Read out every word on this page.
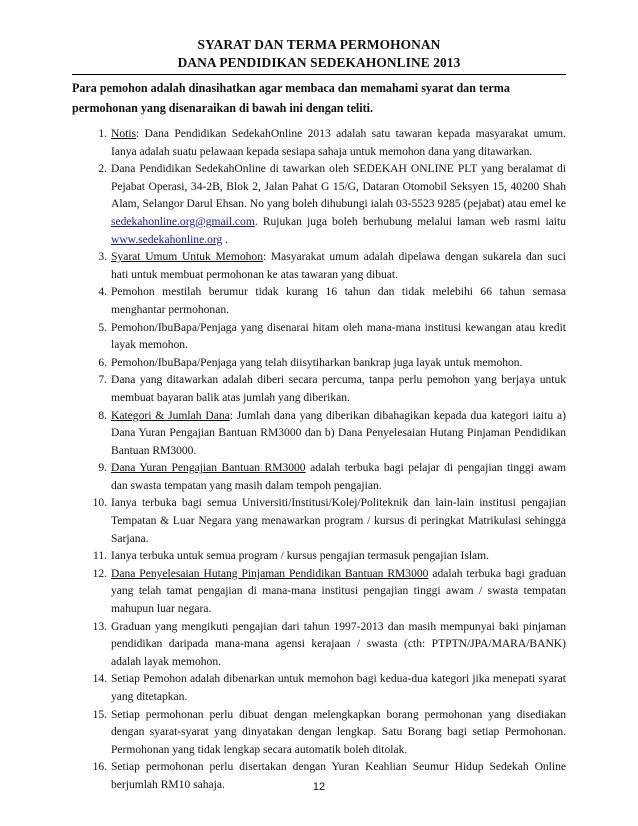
SYARAT DAN TERMA PERMOHONAN
DANA PENDIDIKAN SEDEKAHONLINE 2013
Para pemohon adalah dinasihatkan agar membaca dan memahami syarat dan terma permohonan yang disenaraikan di bawah ini dengan teliti.
1. Notis: Dana Pendidikan SedekahOnline 2013 adalah satu tawaran kepada masyarakat umum. Ianya adalah suatu pelawaan kepada sesiapa sahaja untuk memohon dana yang ditawarkan.
2. Dana Pendidikan SedekahOnline di tawarkan oleh SEDEKAH ONLINE PLT yang beralamat di Pejabat Operasi, 34-2B, Blok 2, Jalan Pahat G 15/G, Dataran Otomobil Seksyen 15, 40200 Shah Alam, Selangor Darul Ehsan. No yang boleh dihubungi ialah 03-5523 9285 (pejabat) atau emel ke sedekahonline.org@gmail.com. Rujukan juga boleh berhubung melalui laman web rasmi iaitu www.sedekahonline.org .
3. Syarat Umum Untuk Memohon: Masyarakat umum adalah dipelawa dengan sukarela dan suci hati untuk membuat permohonan ke atas tawaran yang dibuat.
4. Pemohon mestilah berumur tidak kurang 16 tahun dan tidak melebihi 66 tahun semasa menghantar permohonan.
5. Pemohon/IbuBapa/Penjaga yang disenarai hitam oleh mana-mana institusi kewangan atau kredit layak memohon.
6. Pemohon/IbuBapa/Penjaga yang telah diisytiharkan bankrap juga layak untuk memohon.
7. Dana yang ditawarkan adalah diberi secara percuma, tanpa perlu pemohon yang berjaya untuk membuat bayaran balik atas jumlah yang diberikan.
8. Kategori & Jumlah Dana: Jumlah dana yang diberikan dibahagikan kepada dua kategori iaitu a) Dana Yuran Pengajian Bantuan RM3000 dan b) Dana Penyelesaian Hutang Pinjaman Pendidikan Bantuan RM3000.
9. Dana Yuran Pengajian Bantuan RM3000 adalah terbuka bagi pelajar di pengajian tinggi awam dan swasta tempatan yang masih dalam tempoh pengajian.
10. Ianya terbuka bagi semua Universiti/Institusi/Kolej/Politeknik dan lain-lain institusi pengajian Tempatan & Luar Negara yang menawarkan program / kursus di peringkat Matrikulasi sehingga Sarjana.
11. Ianya terbuka untuk semua program / kursus pengajian termasuk pengajian Islam.
12. Dana Penyelesaian Hutang Pinjaman Pendidikan Bantuan RM3000 adalah terbuka bagi graduan yang telah tamat pengajian di mana-mana institusi pengajian tinggi awam / swasta tempatan mahupun luar negara.
13. Graduan yang mengikuti pengajian dari tahun 1997-2013 dan masih mempunyai baki pinjaman pendidikan daripada mana-mana agensi kerajaan / swasta (cth: PTPTN/JPA/MARA/BANK) adalah layak memohon.
14. Setiap Pemohon adalah dibenarkan untuk memohon bagi kedua-dua kategori jika menepati syarat yang ditetapkan.
15. Setiap permohonan perlu dibuat dengan melengkapkan borang permohonan yang disediakan dengan syarat-syarat yang dinyatakan dengan lengkap. Satu Borang bagi setiap Permohonan. Permohonan yang tidak lengkap secara automatik boleh ditolak.
16. Setiap permohonan perlu disertakan dengan Yuran Keahlian Seumur Hidup Sedekah Online berjumlah RM10 sahaja.	12
